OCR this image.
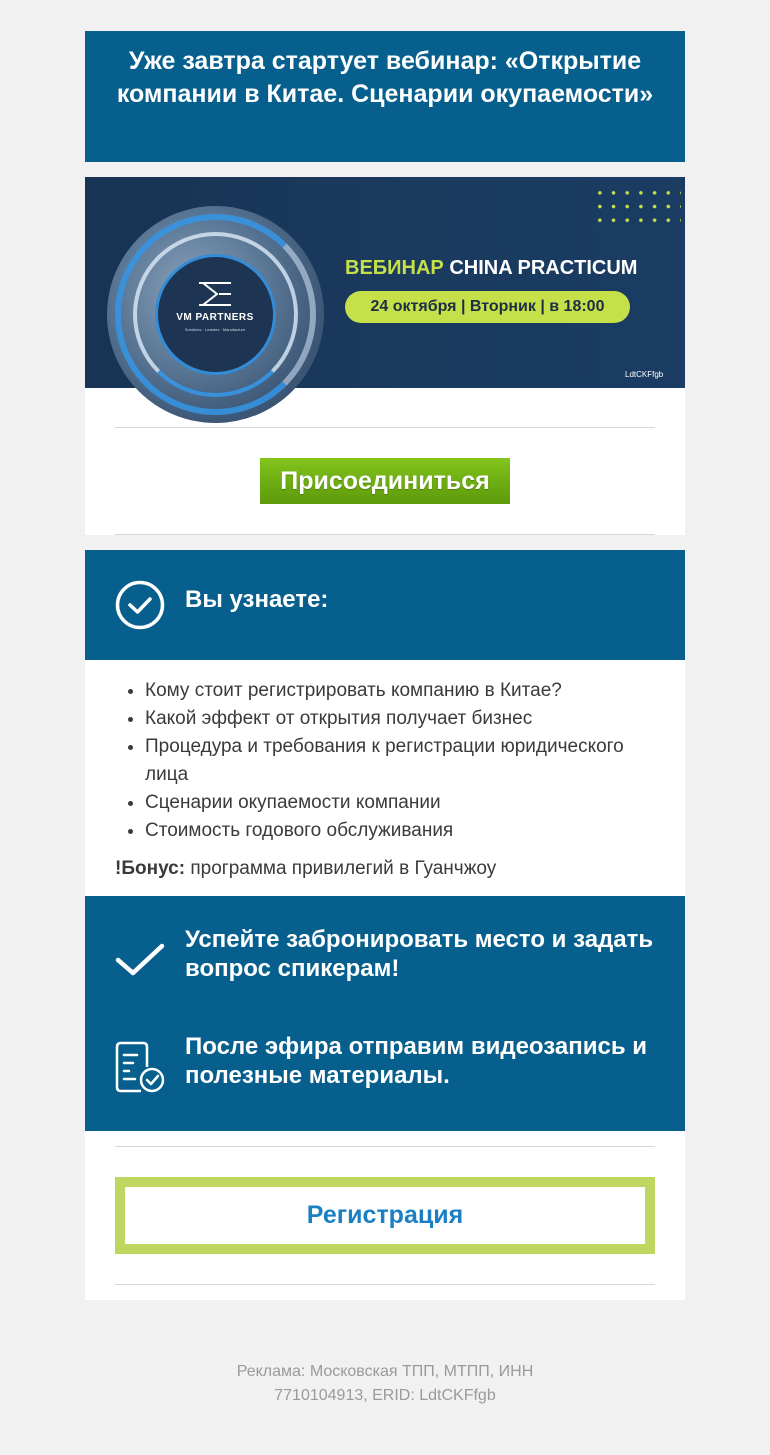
Уже завтра стартует вебинар: «Открытие компании в Китае. Сценарии окупаемости»
ВЕБИНАР CHINA PRACTICUM
24 октября | Вторник | в 18:00
LdtCKFfgb
VM PARTNERS
Solutions · Leaders · Manufacture
Присоединиться
Вы узнаете:
• Кому стоит регистрировать компанию в Китае?
• Какой эффект от открытия получает бизнес
• Процедура и требования к регистрации юридического лица
• Сценарии окупаемости компании
• Стоимость годового обслуживания
!Бонус: программа привилегий в Гуанчжоу
Успейте забронировать место и задать вопрос спикерам!
После эфира отправим видеозапись и полезные материалы.
Регистрация
Реклама: Московская ТПП, МТПП, ИНН 7710104913, ERID: LdtCKFfgb
